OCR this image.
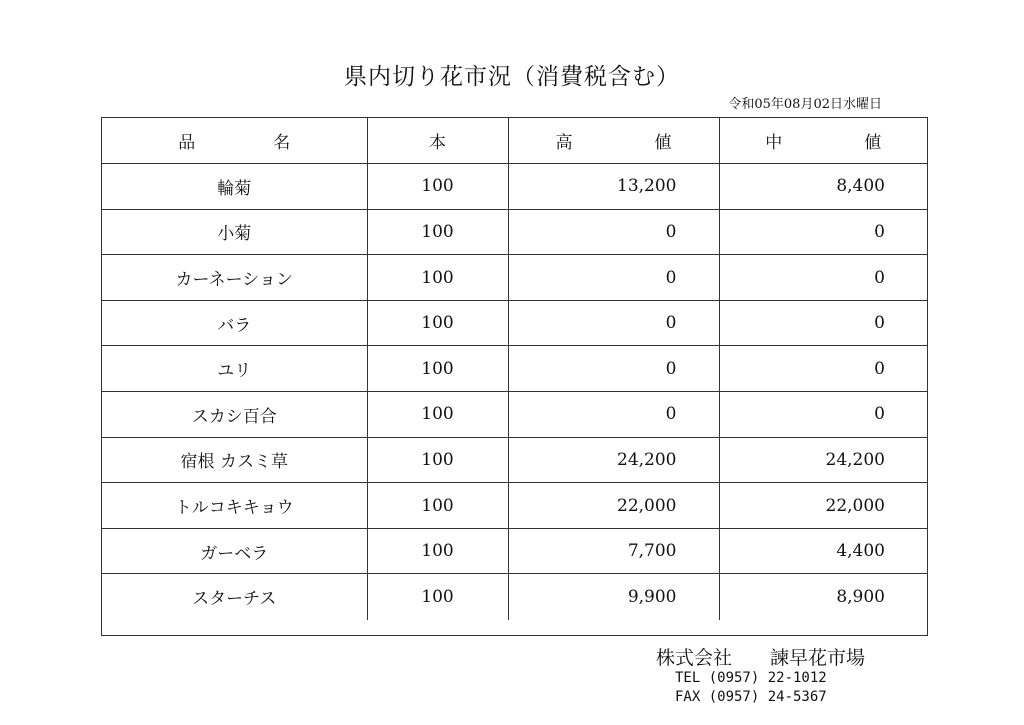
県内切り花市況（消費税含む）
令和05年08月02日水曜日
品 名	本	高 値	中 値

輪菊	100	13,200	8,400
小菊	100	0	0
カーネーション	100	0	0
バラ	100	0	0
ユリ	100	0	0
スカシ百合	100	0	0
宿根 カスミ草	100	24,200	24,200
トルコキキョウ	100	22,000	22,000
ガーベラ	100	7,700	4,400
スターチス	100	9,900	8,900
株式会社　　諫早花市場
TEL (0957) 22-1012
FAX (0957) 24-5367
